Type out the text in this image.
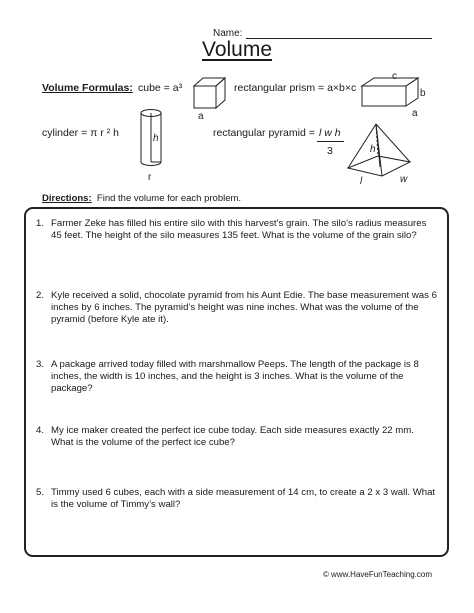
Name:
Volume
Volume Formulas: cube = a³	rectangular prism = a×b×c
cylinder = π r ² h	rectangular pyramid = l w h
3
a
c
b
a
h
r
h
l	w
Directions: Find the volume for each problem.
1. Farmer Zeke has filled his entire silo with this harvest’s grain. The silo’s radius measures 45 feet. The height of the silo measures 135 feet. What is the volume of the grain silo?
2. Kyle received a solid, chocolate pyramid from his Aunt Edie. The base measurement was 6 inches by 6 inches. The pyramid’s height was nine inches. What was the volume of the pyramid (before Kyle ate it).
3. A package arrived today filled with marshmallow Peeps. The length of the package is 8 inches, the width is 10 inches, and the height is 3 inches. What is the volume of the package?
4. My ice maker created the perfect ice cube today. Each side measures exactly 22 mm. What is the volume of the perfect ice cube?
5. Timmy used 6 cubes, each with a side measurement of 14 cm, to create a 2 x 3 wall. What is the volume of Timmy’s wall?
© www.HaveFunTeaching.com
